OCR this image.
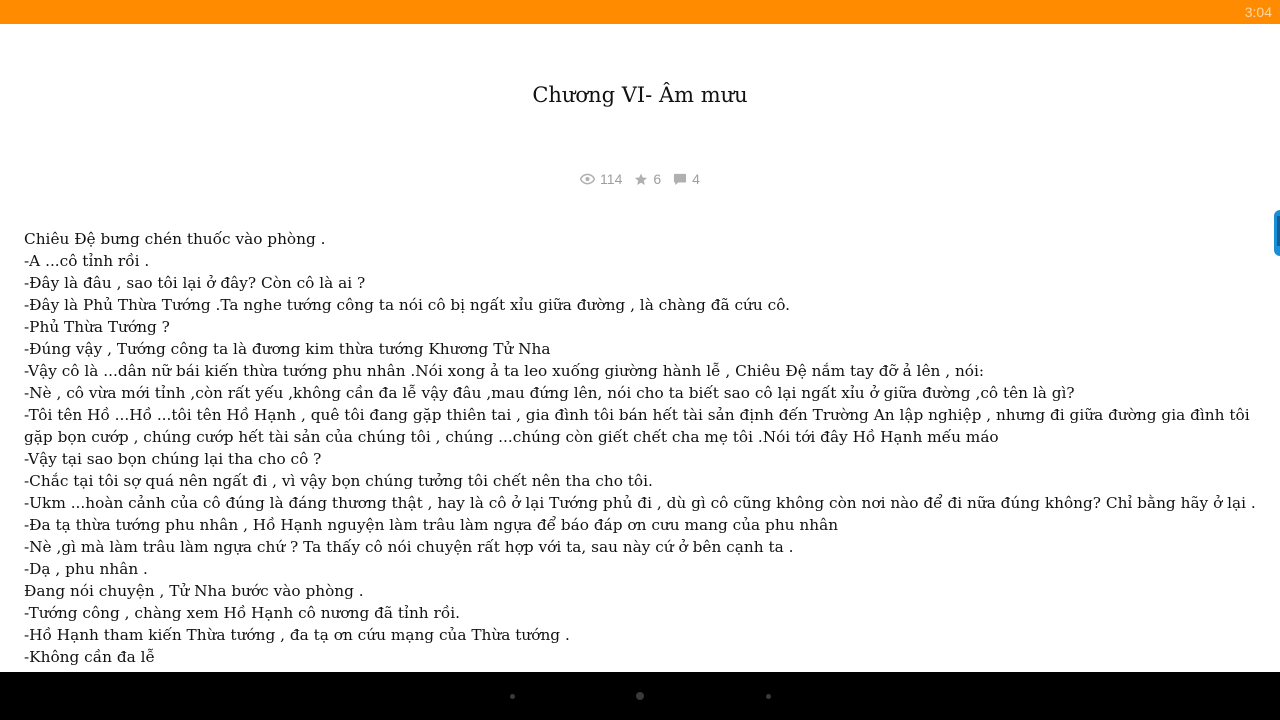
3:04
Chương VI- Âm mưu
114 6 4

Chiêu Đệ bưng chén thuốc vào phòng .

-A ...cô tỉnh rồi .

-Đây là đâu , sao tôi lại ở đây? Còn cô là ai ?

-Đây là Phủ Thừa Tướng .Ta nghe tướng công ta nói cô bị ngất xỉu giữa đường , là chàng đã cứu cô.

-Phủ Thừa Tướng ?

-Đúng vậy , Tướng công ta là đương kim thừa tướng Khương Tử Nha

-Vậy cô là ...dân nữ bái kiến thừa tướng phu nhân .Nói xong ả ta leo xuống giường hành lễ , Chiêu Đệ nắm tay đỡ ả lên , nói:

-Nè , cô vừa mới tỉnh ,còn rất yếu ,không cần đa lễ vậy đâu ,mau đứng lên, nói cho ta biết sao cô lại ngất xỉu ở giữa đường ,cô tên là gì?

-Tôi tên Hồ ...Hồ ...tôi tên Hồ Hạnh , quê tôi đang gặp thiên tai , gia đình tôi bán hết tài sản định đến Trường An lập nghiệp , nhưng đi giữa đường gia đình tôi gặp bọn cướp , chúng cướp hết tài sản của chúng tôi , chúng ...chúng còn giết chết cha mẹ tôi .Nói tới đây Hồ Hạnh mếu máo

-Vậy tại sao bọn chúng lại tha cho cô ?

-Chắc tại tôi sợ quá nên ngất đi , vì vậy bọn chúng tưởng tôi chết nên tha cho tôi.

-Ukm ...hoàn cảnh của cô đúng là đáng thương thật , hay là cô ở lại Tướng phủ đi , dù gì cô cũng không còn nơi nào để đi nữa đúng không? Chỉ bằng hãy ở lại .

-Đa tạ thừa tướng phu nhân , Hồ Hạnh nguyện làm trâu làm ngựa để báo đáp ơn cưu mang của phu nhân

-Nè ,gì mà làm trâu làm ngựa chứ ? Ta thấy cô nói chuyện rất hợp với ta, sau này cứ ở bên cạnh ta .

-Dạ , phu nhân .

Đang nói chuyện , Tử Nha bước vào phòng .

-Tướng công , chàng xem Hồ Hạnh cô nương đã tỉnh rồi.

-Hồ Hạnh tham kiến Thừa tướng , đa tạ ơn cứu mạng của Thừa tướng .

-Không cần đa lễ
